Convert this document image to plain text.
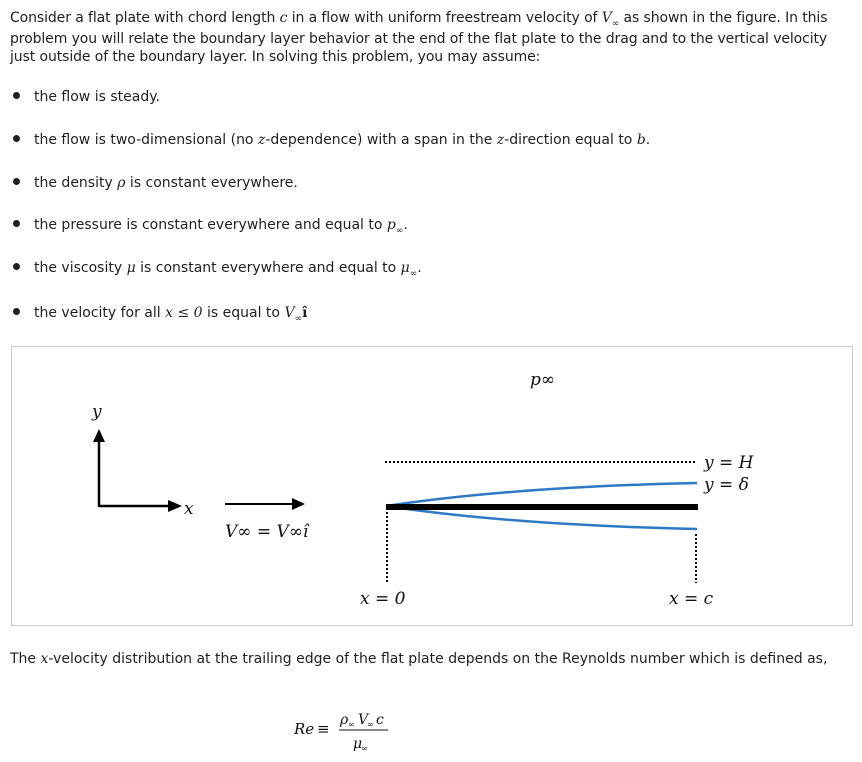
Consider a flat plate with chord length c in a flow with uniform freestream velocity of $V_\infty$ as shown in the figure. In this problem you will relate the boundary layer behavior at the end of the flat plate to the drag and to the vertical velocity just outside of the boundary layer. In solving this problem, you may assume:
the flow is steady.
the flow is two-dimensional (no z-dependence) with a span in the z-direction equal to b.
the density ρ is constant everywhere.
the pressure is constant everywhere and equal to $p_\infty$.
the viscosity μ is constant everywhere and equal to $\mu_\infty$.
the velocity for all x ≤ 0 is equal to $V_\infty î$
p∞
y
x
V∞ = V∞î
y = H
y = δ
x = 0	x = c
The x-velocity distribution at the trailing edge of the flat plate depends on the Reynolds number which is defined as,
Re ≡ ρ ∞ V
∞ c
μ
∞
